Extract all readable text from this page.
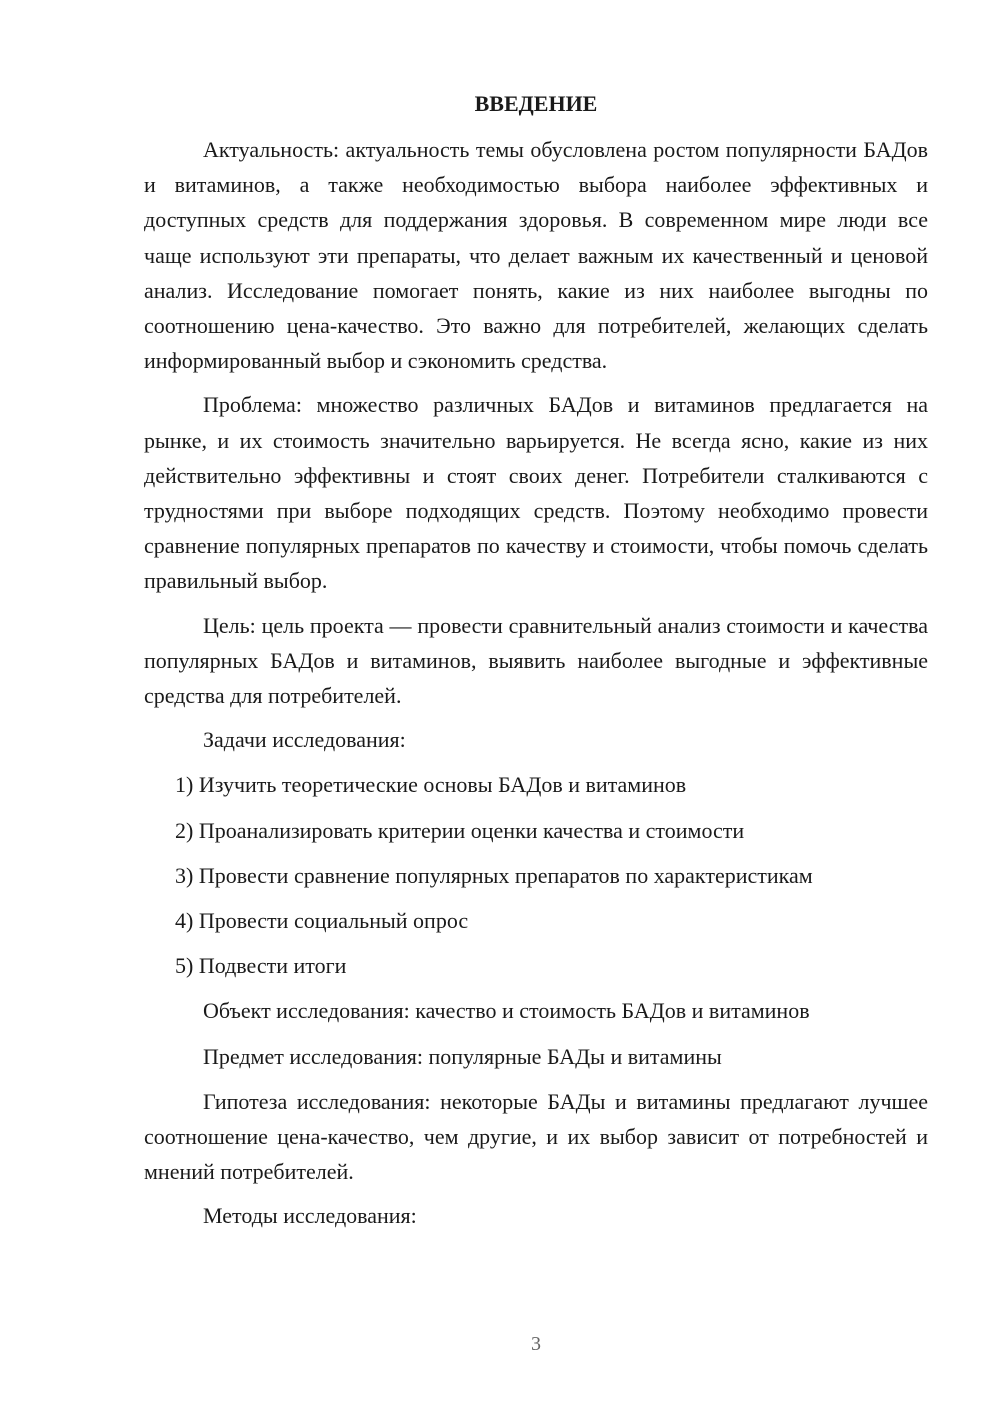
ВВЕДЕНИЕ

Актуальность: актуальность темы обусловлена ростом популярности БАДов и витаминов, а также необходимостью выбора наиболее эффективных и доступных средств для поддержания здоровья. В современном мире люди все чаще используют эти препараты, что делает важным их качественный и ценовой анализ. Исследование помогает понять, какие из них наиболее выгодны по соотношению цена-качество. Это важно для потребителей, желающих сделать информированный выбор и сэкономить средства.

Проблема: множество различных БАДов и витаминов предлагается на рынке, и их стоимость значительно варьируется. Не всегда ясно, какие из них действительно эффективны и стоят своих денег. Потребители сталкиваются с трудностями при выборе подходящих средств. Поэтому необходимо провести сравнение популярных препаратов по качеству и стоимости, чтобы помочь сделать правильный выбор.

Цель: цель проекта — провести сравнительный анализ стоимости и качества популярных БАДов и витаминов, выявить наиболее выгодные и эффективные средства для потребителей.

Задачи исследования:
1) Изучить теоретические основы БАДов и витаминов
2) Проанализировать критерии оценки качества и стоимости
3) Провести сравнение популярных препаратов по характеристикам
4) Провести социальный опрос
5) Подвести итоги
Объект исследования: качество и стоимость БАДов и витаминов
Предмет исследования: популярные БАДы и витамины

Гипотеза исследования: некоторые БАДы и витамины предлагают лучшее соотношение цена-качество, чем другие, и их выбор зависит от потребностей и мнений потребителей.

Методы исследования:
3
